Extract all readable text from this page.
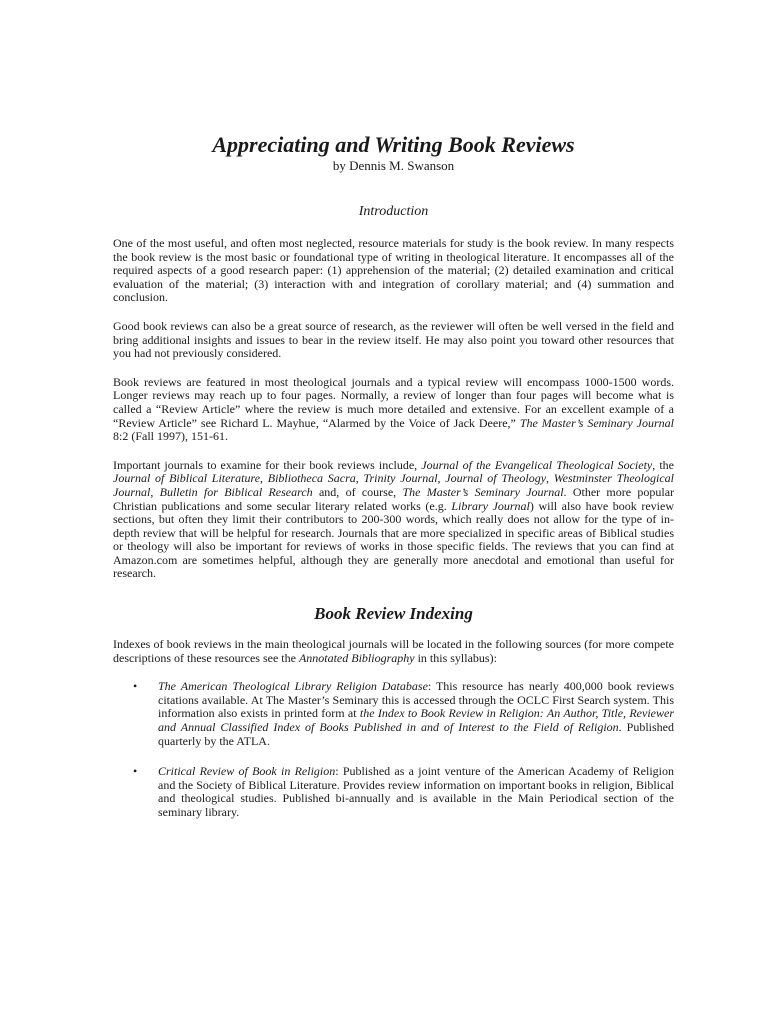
Appreciating and Writing Book Reviews
by Dennis M. Swanson
Introduction

One of the most useful, and often most neglected, resource materials for study is the book review. In many respects the book review is the most basic or foundational type of writing in theological literature. It encompasses all of the required aspects of a good research paper: (1) apprehension of the material; (2) detailed examination and critical evaluation of the material; (3) interaction with and integration of corollary material; and (4) summation and conclusion.

Good book reviews can also be a great source of research, as the reviewer will often be well versed in the field and bring additional insights and issues to bear in the review itself. He may also point you toward other resources that you had not previously considered.

Book reviews are featured in most theological journals and a typical review will encompass 1000-1500 words. Longer reviews may reach up to four pages. Normally, a review of longer than four pages will become what is called a “Review Article” where the review is much more detailed and extensive. For an excellent example of a “Review Article” see Richard L. Mayhue, “Alarmed by the Voice of Jack Deere,” The Master’s Seminary Journal 8:2 (Fall 1997), 151-61.

Important journals to examine for their book reviews include, Journal of the Evangelical Theological Society, the Journal of Biblical Literature, Bibliotheca Sacra, Trinity Journal, Journal of Theology, Westminster Theological Journal, Bulletin for Biblical Research and, of course, The Master’s Seminary Journal. Other more popular Christian publications and some secular literary related works (e.g. Library Journal) will also have book review sections, but often they limit their contributors to 200-300 words, which really does not allow for the type of in-depth review that will be helpful for research. Journals that are more specialized in specific areas of Biblical studies or theology will also be important for reviews of works in those specific fields. The reviews that you can find at Amazon.com are sometimes helpful, although they are generally more anecdotal and emotional than useful for research.

Book Review Indexing

Indexes of book reviews in the main theological journals will be located in the following sources (for more compete descriptions of these resources see the Annotated Bibliography in this syllabus):

• The American Theological Library Religion Database: This resource has nearly 400,000 book reviews citations available. At The Master’s Seminary this is accessed through the OCLC First Search system. This information also exists in printed form at the Index to Book Review in Religion: An Author, Title, Reviewer and Annual Classified Index of Books Published in and of Interest to the Field of Religion. Published quarterly by the ATLA.
• Critical Review of Book in Religion: Published as a joint venture of the American Academy of Religion and the Society of Biblical Literature. Provides review information on important books in religion, Biblical and theological studies. Published bi-annually and is available in the Main Periodical section of the seminary library.
